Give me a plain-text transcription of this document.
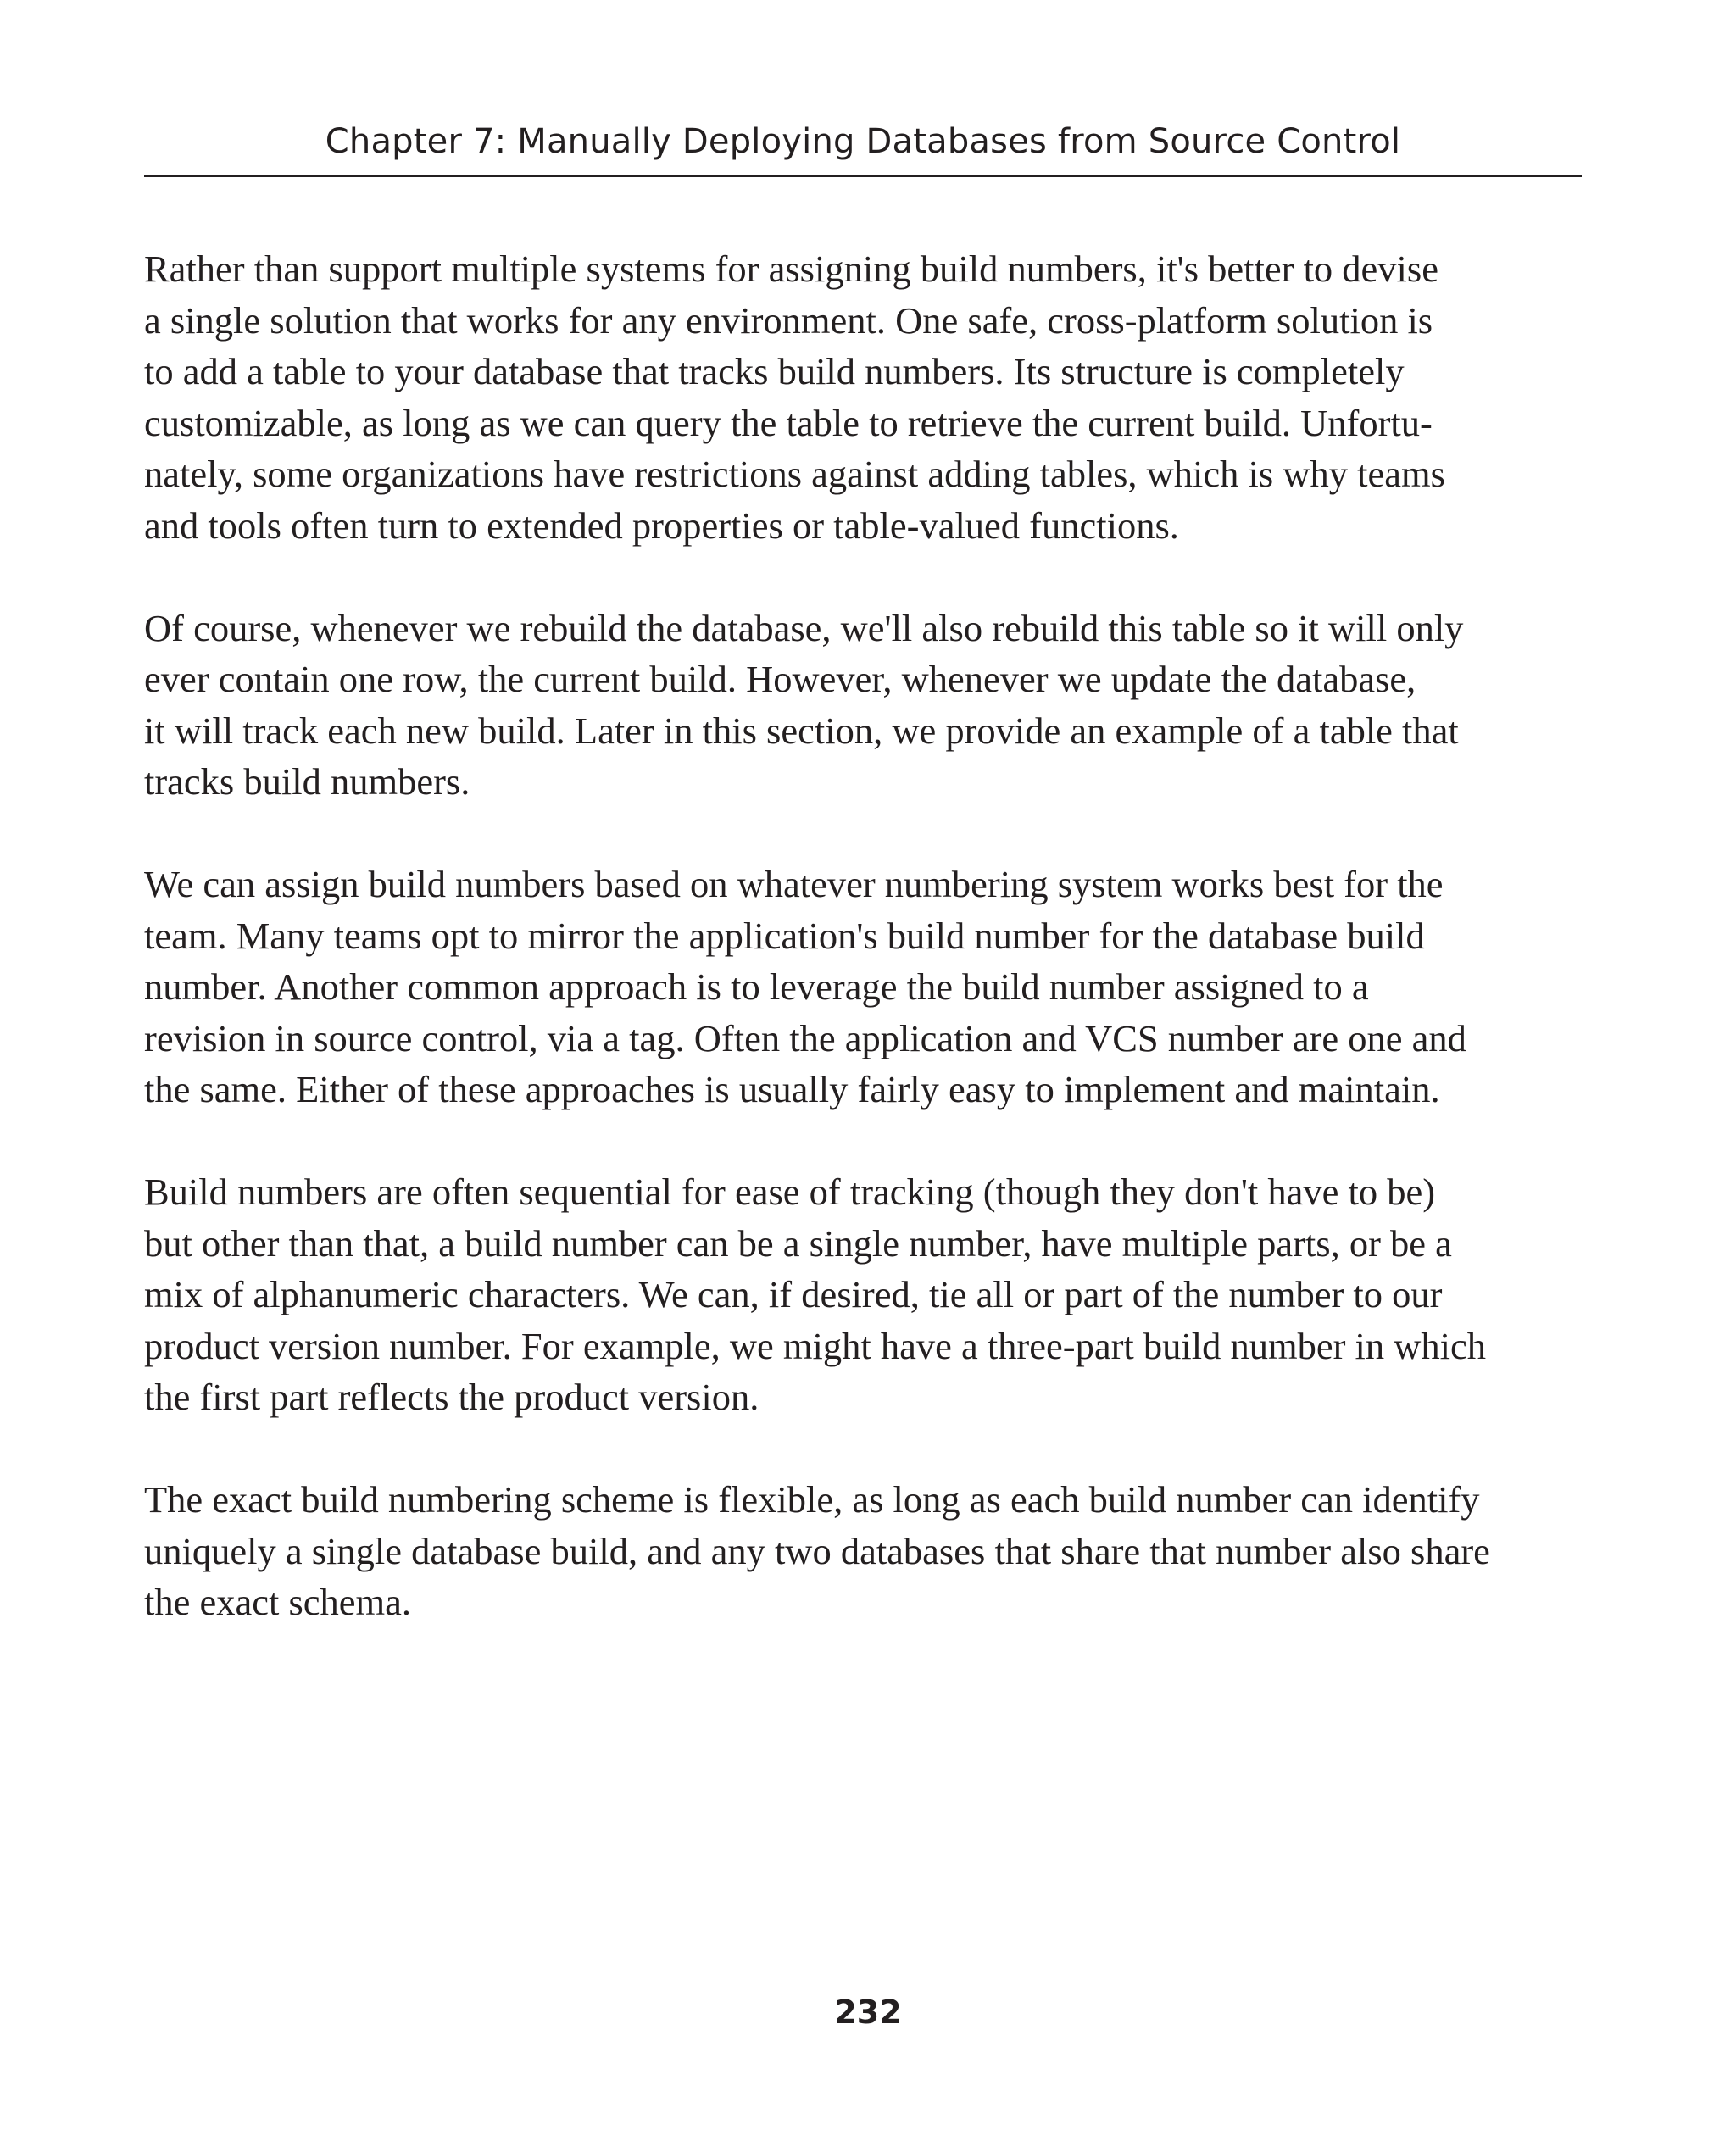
Chapter 7: Manually Deploying Databases from Source Control

Rather than support multiple systems for assigning build numbers, it's better to devise
a single solution that works for any environment. One safe, cross-platform solution is
to add a table to your database that tracks build numbers. Its structure is completely
customizable, as long as we can query the table to retrieve the current build. Unfortu-
nately, some organizations have restrictions against adding tables, which is why teams
and tools often turn to extended properties or table-valued functions.

Of course, whenever we rebuild the database, we'll also rebuild this table so it will only
ever contain one row, the current build. However, whenever we update the database,
it will track each new build. Later in this section, we provide an example of a table that
tracks build numbers.

We can assign build numbers based on whatever numbering system works best for the
team. Many teams opt to mirror the application's build number for the database build
number. Another common approach is to leverage the build number assigned to a
revision in source control, via a tag. Often the application and VCS number are one and
the same. Either of these approaches is usually fairly easy to implement and maintain.

Build numbers are often sequential for ease of tracking (though they don't have to be)
but other than that, a build number can be a single number, have multiple parts, or be a
mix of alphanumeric characters. We can, if desired, tie all or part of the number to our
product version number. For example, we might have a three-part build number in which
the first part reflects the product version.

The exact build numbering scheme is flexible, as long as each build number can identify
uniquely a single database build, and any two databases that share that number also share
the exact schema.

232
